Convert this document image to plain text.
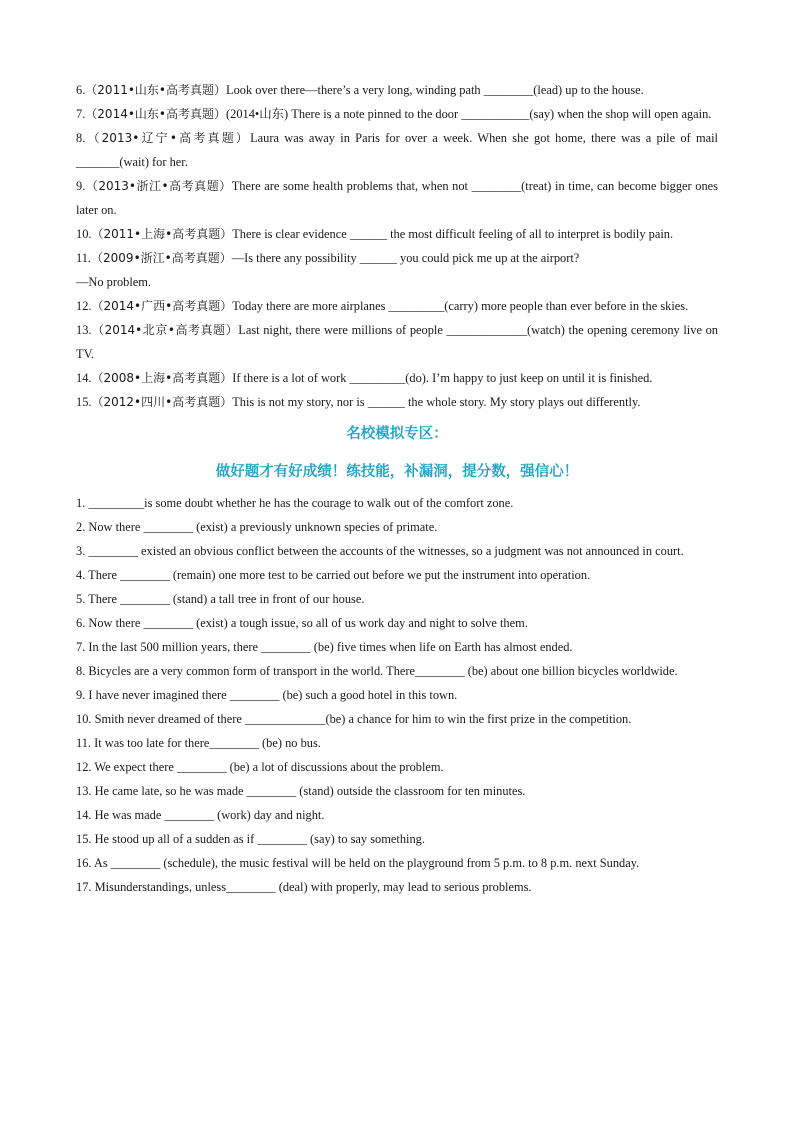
6.（2011•山东•高考真题）Look over there—there’s a very long, winding path ________(lead) up to the house.

7.（2014•山东•高考真题）(2014•山东) There is a note pinned to the door ___________(say) when the shop will open again.

8.（2013•辽宁•高考真题）Laura was away in Paris for over a week. When she got home, there was a pile of mail _______(wait) for her.

9.（2013•浙江•高考真题）There are some health problems that, when not ________(treat) in time, can become bigger ones later on.

10.（2011•上海•高考真题）There is clear evidence ______ the most difficult feeling of all to interpret is bodily pain.

11.（2009•浙江•高考真题）—Is there any possibility ______ you could pick me up at the airport?

—No problem.

12.（2014•广西•高考真题）Today there are more airplanes _________(carry) more people than ever before in the skies.

13.（2014•北京•高考真题）Last night, there were millions of people _____________(watch) the opening ceremony live on TV.

14.（2008•上海•高考真题）If there is a lot of work _________(do). I’m happy to just keep on until it is finished.

15.（2012•四川•高考真题）This is not my story, nor is ______ the whole story. My story plays out differently.

名校模拟专区：

做好题才有好成绩！练技能，补漏洞，提分数，强信心！

1. _________is some doubt whether he has the courage to walk out of the comfort zone.

2. Now there ________ (exist) a previously unknown species of primate.

3. ________ existed an obvious conflict between the accounts of the witnesses, so a judgment was not announced in court.

4. There ________ (remain) one more test to be carried out before we put the instrument into operation.

5. There ________ (stand) a tall tree in front of our house.

6. Now there ________ (exist) a tough issue, so all of us work day and night to solve them.

7. In the last 500 million years, there ________ (be) five times when life on Earth has almost ended.

8. Bicycles are a very common form of transport in the world. There________ (be) about one billion bicycles worldwide.

9. I have never imagined there ________ (be) such a good hotel in this town.

10. Smith never dreamed of there _____________(be) a chance for him to win the first prize in the competition.

11. It was too late for there________ (be) no bus.

12. We expect there ________ (be) a lot of discussions about the problem.

13. He came late, so he was made ________ (stand) outside the classroom for ten minutes.

14. He was made ________ (work) day and night.

15. He stood up all of a sudden as if ________ (say) to say something.

16. As ________ (schedule), the music festival will be held on the playground from 5 p.m. to 8 p.m. next Sunday.

17. Misunderstandings, unless________ (deal) with properly, may lead to serious problems.
